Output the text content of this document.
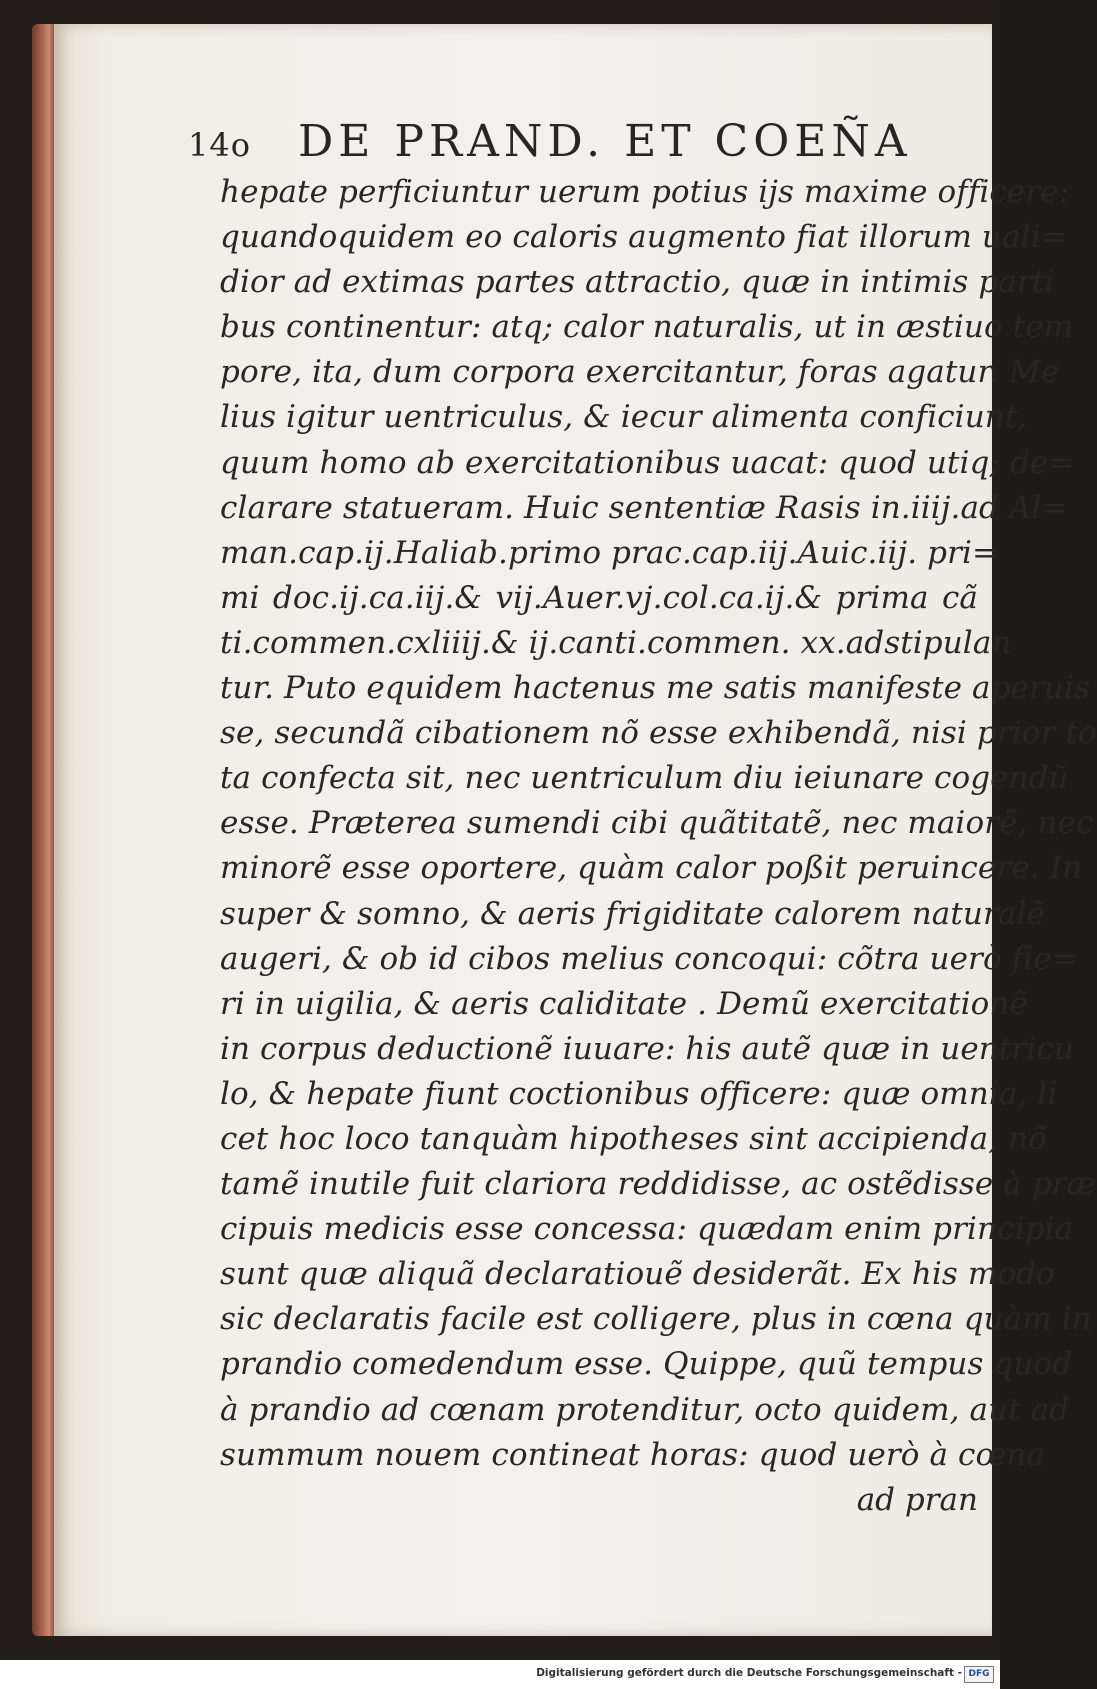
14o DE PRAND. ET COEÑA
hepate perficiuntur uerum potius ijs maxime officere:
quandoquidem eo caloris augmento fiat illorum uali=
dior ad extimas partes attractio, quæ in intimis parti
bus continentur: atq; calor naturalis, ut in æstiuo tem
pore, ita, dum corpora exercitantur, foras agatur. Me
lius igitur uentriculus, & iecur alimenta conficiunt,
quum homo ab exercitationibus uacat: quod utiq; de=
clarare statueram. Huic sententiæ Rasis in.iiij.ad Al=
man.cap.ij.Haliab.primo prac.cap.iij.Auic.iij. pri=
mi doc.ij.ca.iij.& vij.Auer.vj.col.ca.ij.& prima cã
ti.commen.cxliiij.& ij.canti.commen. xx.adstipulan
tur. Puto equidem hactenus me satis manifeste aperuis
se, secundã cibationem nõ esse exhibendã, nisi prior to
ta confecta sit, nec uentriculum diu ieiunare cogendũ
esse. Præterea sumendi cibi quãtitatẽ, nec maiorẽ, nec
minorẽ esse oportere, quàm calor poßit peruincere. In
super & somno, & aeris frigiditate calorem naturalẽ
augeri, & ob id cibos melius concoqui: cõtra uerò fie=
ri in uigilia, & aeris caliditate . Demũ exercitationẽ
in corpus deductionẽ iuuare: his autẽ quæ in uentricu
lo, & hepate fiunt coctionibus officere: quæ omnia, li
cet hoc loco tanquàm hipotheses sint accipienda, nõ
tamẽ inutile fuit clariora reddidisse, ac ostẽdisse à præ
cipuis medicis esse concessa: quædam enim principia
sunt quæ aliquã declaratiouẽ desiderãt. Ex his modo
sic declaratis facile est colligere, plus in cœna quàm in
prandio comedendum esse. Quippe, quũ tempus quod
à prandio ad cœnam protenditur, octo quidem, aut ad
summum nouem contineat horas: quod uerò à cœna
ad pran
Digitalisierung gefördert durch die Deutsche Forschungsgemeinschaft - DFG
